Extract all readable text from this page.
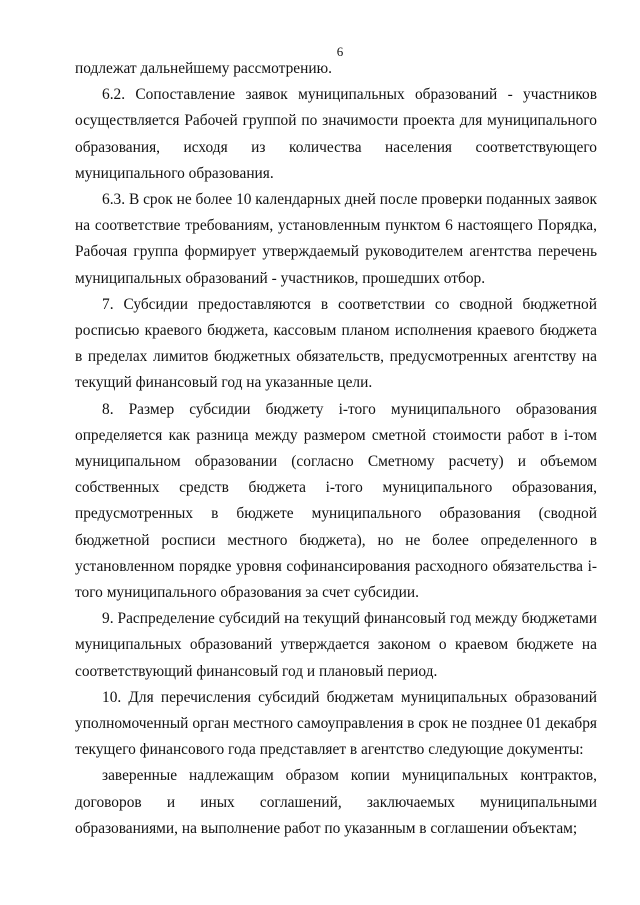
6

подлежат дальнейшему рассмотрению.

6.2. Сопоставление заявок муниципальных образований - участников осуществляется Рабочей группой по значимости проекта для муниципального образования, исходя из количества населения соответствующего муниципального образования.

6.3. В срок не более 10 календарных дней после проверки поданных заявок на соответствие требованиям, установленным пунктом 6 настоящего Порядка, Рабочая группа формирует утверждаемый руководителем агентства перечень муниципальных образований - участников, прошедших отбор.

7. Субсидии предоставляются в соответствии со сводной бюджетной росписью краевого бюджета, кассовым планом исполнения краевого бюджета в пределах лимитов бюджетных обязательств, предусмотренных агентству на текущий финансовый год на указанные цели.

8. Размер субсидии бюджету i-того муниципального образования определяется как разница между размером сметной стоимости работ в i-том муниципальном образовании (согласно Сметному расчету) и объемом собственных средств бюджета i-того муниципального образования, предусмотренных в бюджете муниципального образования (сводной бюджетной росписи местного бюджета), но не более определенного в установленном порядке уровня софинансирования расходного обязательства i-того муниципального образования за счет субсидии.

9. Распределение субсидий на текущий финансовый год между бюджетами муниципальных образований утверждается законом о краевом бюджете на соответствующий финансовый год и плановый период.

10. Для перечисления субсидий бюджетам муниципальных образований уполномоченный орган местного самоуправления в срок не позднее 01 декабря текущего финансового года представляет в агентство следующие документы:

заверенные надлежащим образом копии муниципальных контрактов, договоров и иных соглашений, заключаемых муниципальными образованиями, на выполнение работ по указанным в соглашении объектам;
